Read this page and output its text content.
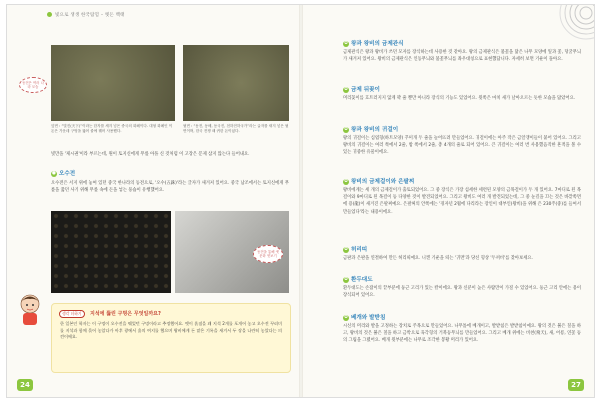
빛으로 생생 한국탐험 – 옛돈 백태
동전은 여러 나라 모습
앞면 : “빛진(天下)”이라는 한자를 새겨 넣은 중국의 화폐이다. 대형 화폐인 이 돈은 가운데 구멍을 뚫어 줄에 꿰어 사용했다.
뒷면 : “동전, 동배, 동국진, 천하전하국가”라는 글자를 새겨 넣은 뒷면이며, 한국 전쟁 때 귀한 돈이었다.
빛만을 '제시권'이라 부르는데, 원이 토지신에게 무릎 아플 신 것처럼 이 고장은 문제 삼지 않는다 들어내요.
● 오수전
오수전은 서지 위에 놓여 있던 중국 한나라의 동전으로, '오수(五銖)'라는 글자가 새겨져 있어요. 중국 남조에서는 토지신에게 무릎을 꿇던 사기 위해 무릎 속에 돈을 넣는 풍습이 유행했어요.
동전을 통해 옛 문화 엿보기
생각 더하기	지석에 뚫린 구멍은 무엇일까요?
한 일본인 학자는 이 구멍이 오수전을 꿰었던 구멍이라고 추정했어요. 옛이 흙점을 꽤 지석 2개를 포개어 놓고 오수전 꾸러미를 지석과 함께 묶어 놓았다가 아후 광에서 흙의 여지를 했으며 왕비에게 돈 맡은 기록을 새겨서 두 장을 나란히 놓았다는 의견이에요.
24
✿ 왕과 왕비의 금제관식
금제관식은 왕과 왕비가 쓰던 모자를 장식하는데 사용한 것 같아요. 왕의 금제관식은 불꽃을 닮은 나무 모양에 잎과 꽃, 덩굴무늬가 새겨져 있어요. 왕비의 금제관식은 인동무늬와 불꽃무늬를 좌우대칭으로 표현했답니다. 자세히 보면 기운이 돌아요.
✿ 금제 뒤꽂이
머리꽂이를 흐트러지지 않게 꽉 줄 뿐만 아니라 장식의 기능도 있었어요. 윗쪽은 마치 새가 날아오르는 듯한 모습을 닮았어요.
✿ 왕과 왕비의 귀걸이
왕의 귀걸이는 심엽형(하트모양) 꾸미개 두 줄을 늘어뜨려 만들었어요. 귀걸이에는 아주 작은 금알갱이들이 붙어 있어요. 그리고 왕비의 귀걸이는 여러 쪽에서 2줄, 밤 쪽에서 2줄, 총 4개의 줄로 되어 있어요. 큰 귀걸이는 여러 번 사용했음직한 흔적을 볼 수 있는 귀중한 유물이에요.
✿ 왕비의 금제걸이와 은팔찌
왕비에게는 세 개의 금제걸이가 출토되었어요. 그 중 장식은 가장 섬세한 세련된 모양의 금목걸이가 두 개 있어요. 7마디로 된 목걸이와 9마디로 된 목걸이 등 다양한 것이 발견되었어요. 그리고 왕비도 여러 개 발견되었는데, 그 중 눈길을 끄는 것은 바깥쪽면에 용(龍)이 새겨진 은팔찌예요. 은팔찌의 안쪽에는 '경자년 2월에 다리라는 장인이 대부인(왕비)을 위해 은 230주(중)를 들여서 만들었다'라는 내용이에요.
✿ 허리띠
금판과 은판을 연결하여 만든 허리띠예요. 니켄 기운을 띄는 '귀면'과 당신 형상 '두꺼비'를 찾아보세요.
✿ 환두대도
환두대도는 손잡이의 끝부분에 둥근 고리가 있는 칼이에요. 왕과 신분이 높은 사람만이 가질 수 있었어요. 둥근 고리 안에는 용이 장식되어 있어요.
✿ 베개와 발받침
시신의 머리와 발을 고정하는 장치로 주목으로 만들었어요. 나무틀에 베개이고, 발받침은 발받침이예요. 왕의 것은 붉은 칠을 하고, 왕비의 것은 붉은 칠을 하고 금박으로 육각형의 거북등무늬를 만들었어요. 그리고 베개 위에는 비천(飛天), 새, 어룡, 연꽃 등의 그림을 그렸어요. 베개 윗부분에는 나무로 조각한 봉황 머리가 있어요.
27
